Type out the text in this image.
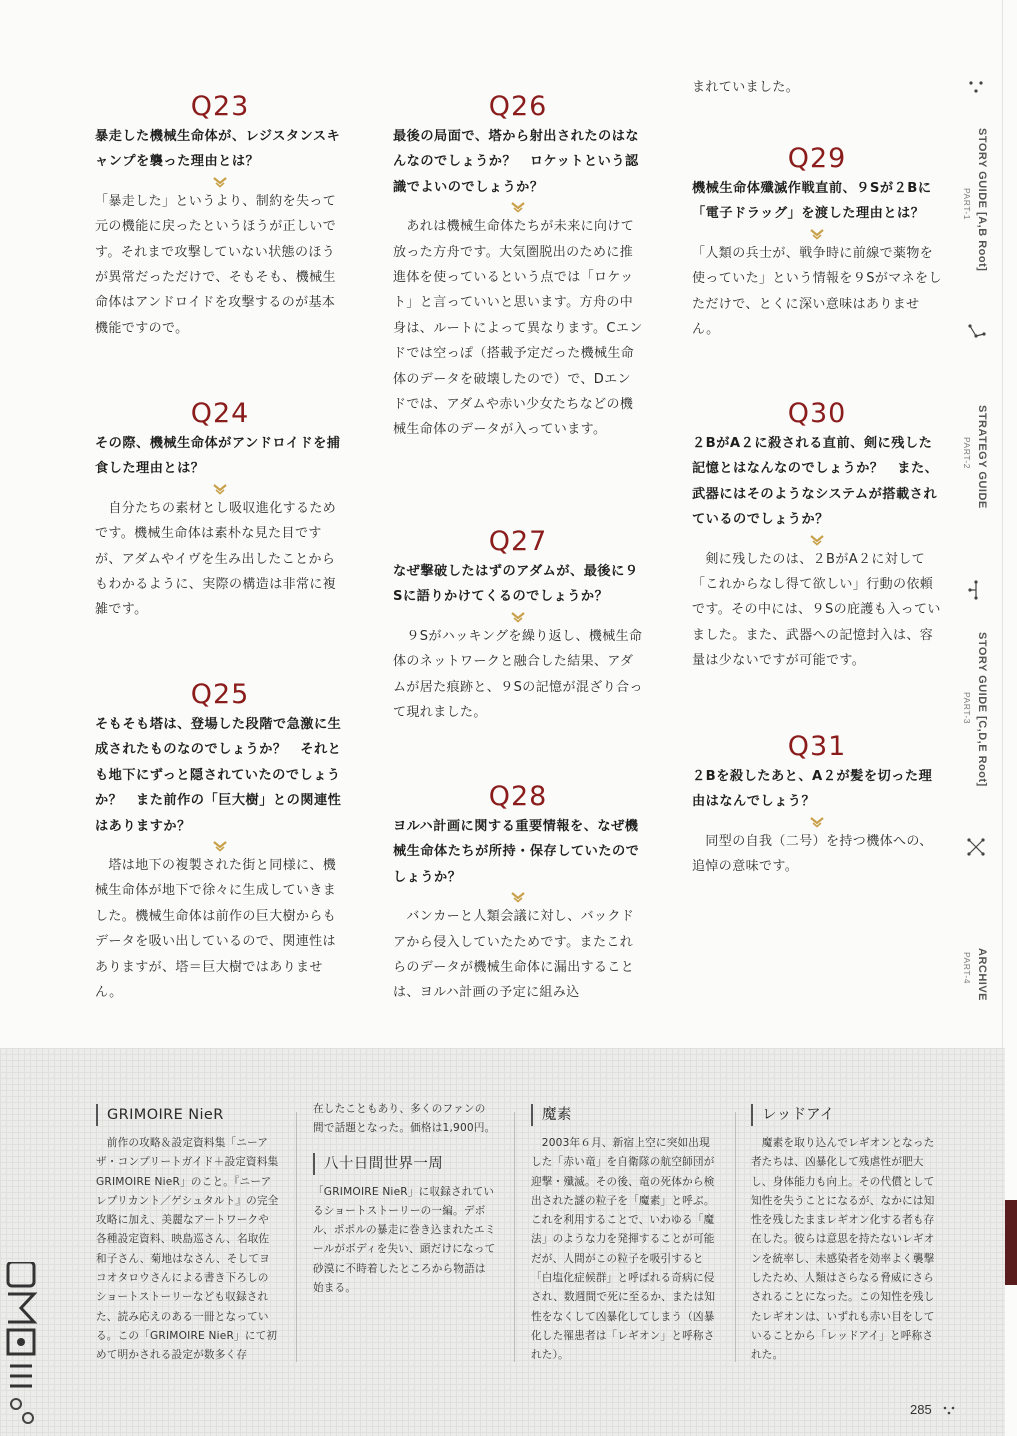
Q23

暴走した機械生命体が、レジスタンスキャンプを襲った理由とは？

「暴走した」というより、制約を失って元の機能に戻ったというほうが正しいです。それまで攻撃していない状態のほうが異常だっただけで、そもそも、機械生命体はアンドロイドを攻撃するのが基本機能ですので。

Q24

その際、機械生命体がアンドロイドを捕食した理由とは？

　自分たちの素材とし吸収進化するためです。機械生命体は素朴な見た目ですが、アダムやイヴを生み出したことからもわかるように、実際の構造は非常に複雑です。

Q25

そもそも塔は、登場した段階で急激に生成されたものなのでしょうか？　それとも地下にずっと隠されていたのでしょうか？　また前作の「巨大樹」との関連性はありますか？

　塔は地下の複製された街と同様に、機械生命体が地下で徐々に生成していきました。機械生命体は前作の巨大樹からもデータを吸い出しているので、関連性はありますが、塔＝巨大樹ではありません。

Q26

最後の局面で、塔から射出されたのはなんなのでしょうか？　ロケットという認識でよいのでしょうか？

　あれは機械生命体たちが未来に向けて放った方舟です。大気圏脱出のために推進体を使っているという点では「ロケット」と言っていいと思います。方舟の中身は、ルートによって異なります。Cエンドでは空っぽ（搭載予定だった機械生命体のデータを破壊したので）で、Dエンドでは、アダムや赤い少女たちなどの機械生命体のデータが入っています。

Q27

なぜ撃破したはずのアダムが、最後に９Sに語りかけてくるのでしょうか？

　９Sがハッキングを繰り返し、機械生命体のネットワークと融合した結果、アダムが居た痕跡と、９Sの記憶が混ざり合って現れました。

Q28

ヨルハ計画に関する重要情報を、なぜ機械生命体たちが所持・保存していたのでしょうか？

　バンカーと人類会議に対し、バックドアから侵入していたためです。またこれらのデータが機械生命体に漏出することは、ヨルハ計画の予定に組み込

まれていました。

Q29

機械生命体殲滅作戦直前、９Sが２Bに「電子ドラッグ」を渡した理由とは？

「人類の兵士が、戦争時に前線で薬物を使っていた」という情報を９Sがマネをしただけで、とくに深い意味はありません。

Q30

２BがA２に殺される直前、剣に残した記憶とはなんなのでしょうか？　また、武器にはそのようなシステムが搭載されているのでしょうか？

　剣に残したのは、２BがA２に対して「これからなし得て欲しい」行動の依頼です。その中には、９Sの庇護も入っていました。また、武器への記憶封入は、容量は少ないですが可能です。

Q31

２Bを殺したあと、A２が髪を切った理由はなんでしょう？

　同型の自我（二号）を持つ機体への、追悼の意味です。

STORY GUIDE [A,B Root]
PART-1
STRATEGY GUIDE
PART-2
STORY GUIDE [C,D,E Root]
PART-3
ARCHIVE
PART-4

GRIMOIRE NieR

　前作の攻略＆設定資料集「ニーア ザ・コンプリートガイド＋設定資料集 GRIMOIRE NieR」のこと。『ニーア レプリカント／ゲシュタルト』の完全攻略に加え、美麗なアートワークや各種設定資料、映島巡さん、名取佐和子さん、菊地はなさん、そしてヨコオタロウさんによる書き下ろしのショートストーリーなども収録された、読み応えのある一冊となっている。この「GRIMOIRE NieR」にて初めて明かされる設定が数多く存

在したこともあり、多くのファンの間で話題となった。価格は1,900円。

八十日間世界一周

「GRIMOIRE NieR」に収録されているショートストーリーの一編。デボル、ポポルの暴走に巻き込まれたエミールがボディを失い、頭だけになって砂漠に不時着したところから物語は始まる。

魔素

　2003年６月、新宿上空に突如出現した「赤い竜」を自衛隊の航空師団が迎撃・殲滅。その後、竜の死体から検出された謎の粒子を「魔素」と呼ぶ。これを利用することで、いわゆる「魔法」のような力を発揮することが可能だが、人間がこの粒子を吸引すると「白塩化症候群」と呼ばれる奇病に侵され、数週間で死に至るか、または知性をなくして凶暴化してしまう（凶暴化した罹患者は「レギオン」と呼称された）。

レッドアイ

　魔素を取り込んでレギオンとなった者たちは、凶暴化して残虐性が肥大し、身体能力も向上。その代償として知性を失うことになるが、なかには知性を残したままレギオン化する者も存在した。彼らは意思を持たないレギオンを統率し、未感染者を効率よく襲撃したため、人類はさらなる脅威にさらされることになった。この知性を残したレギオンは、いずれも赤い目をしていることから「レッドアイ」と呼称された。

285
